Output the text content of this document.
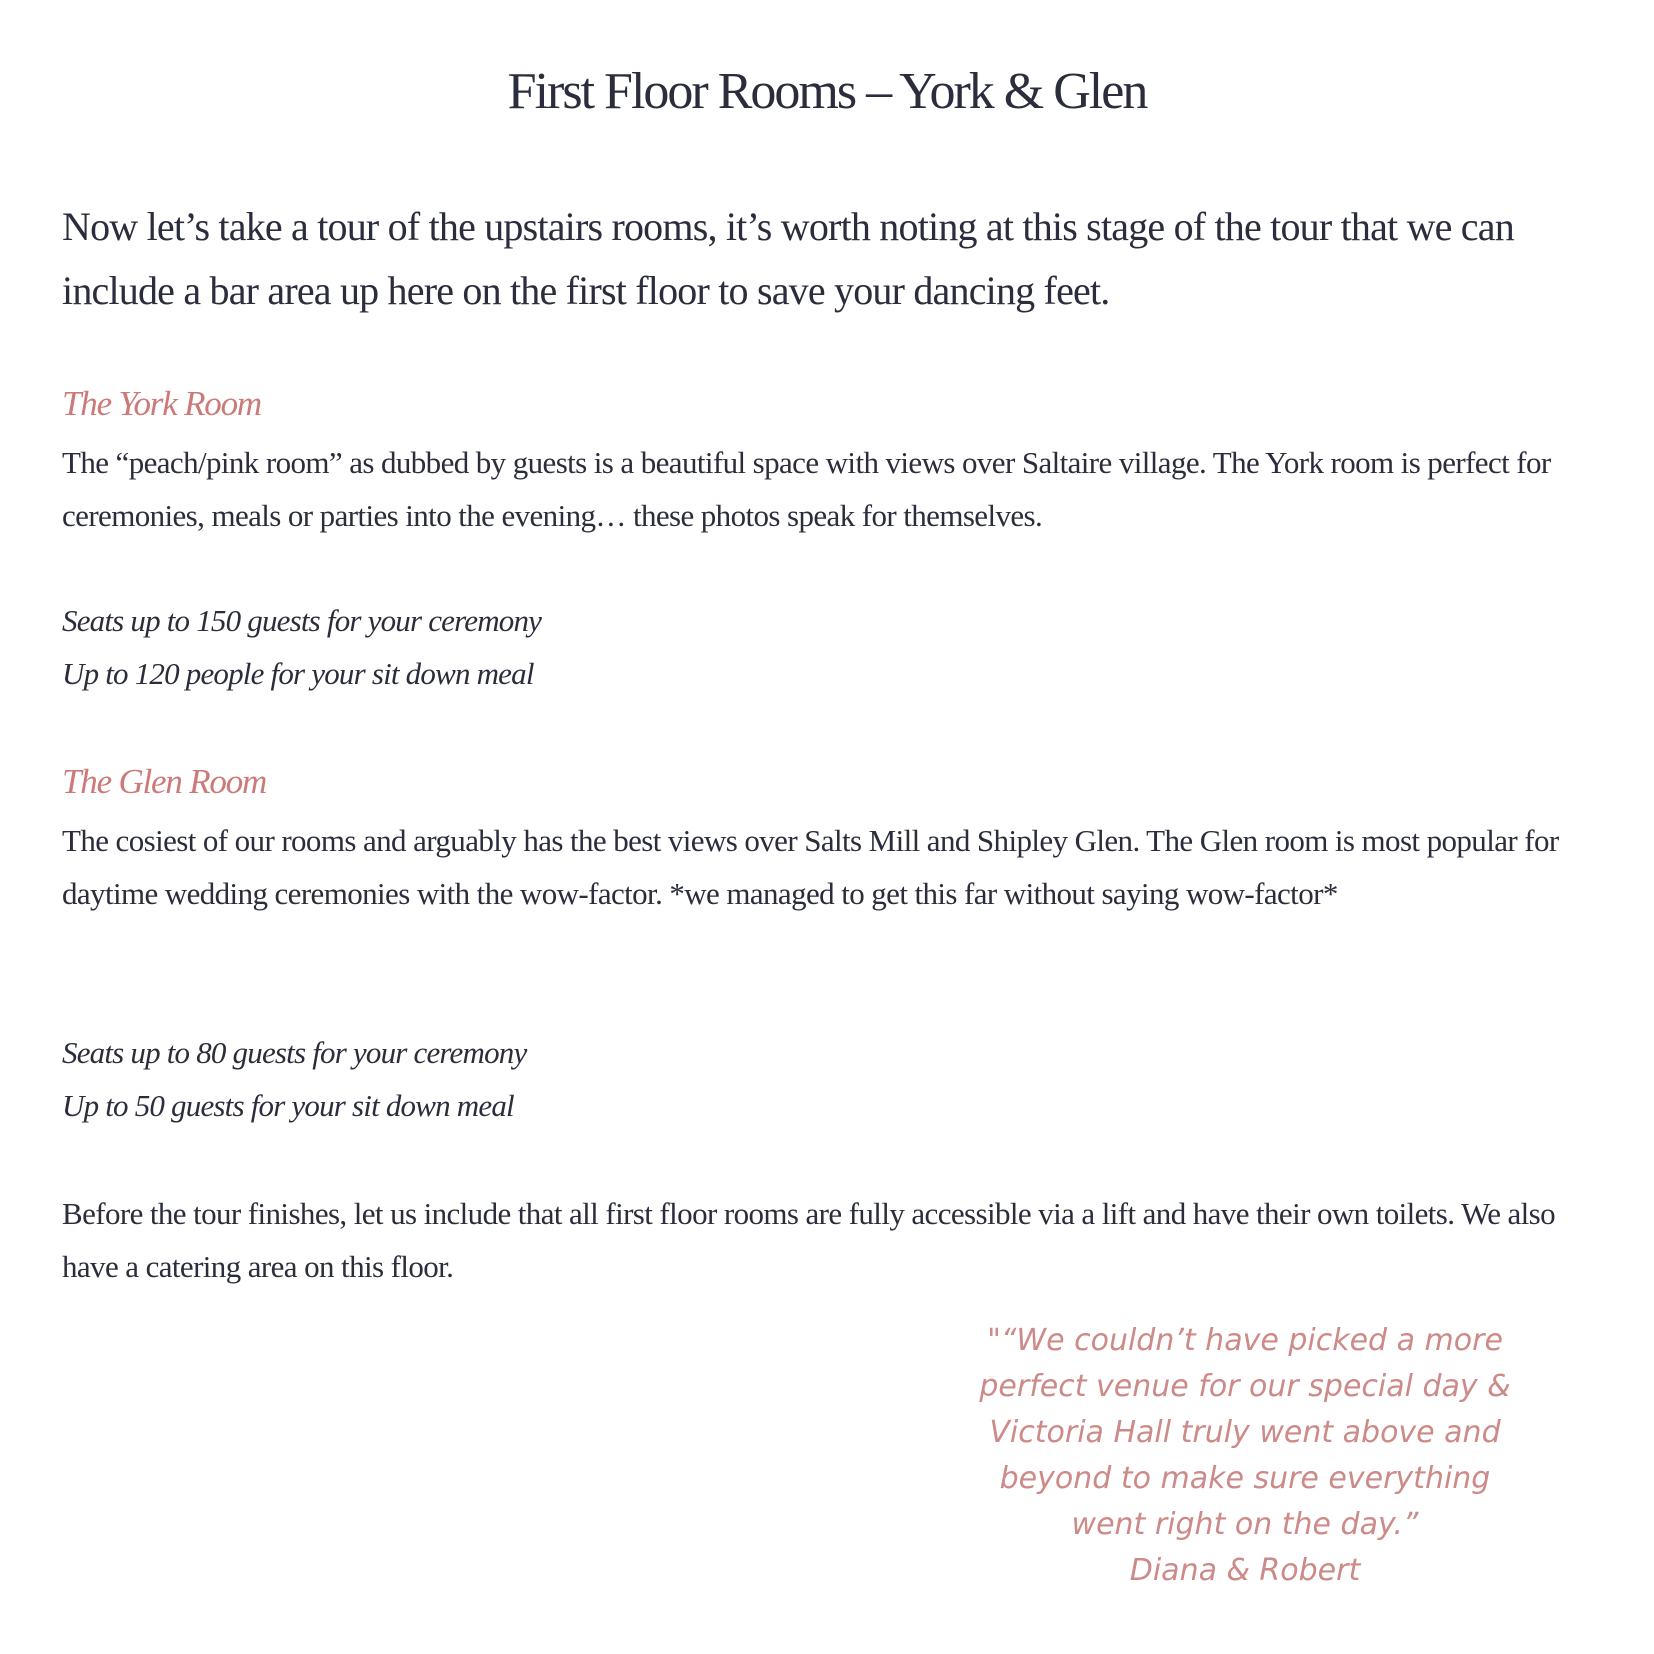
First Floor Rooms – York & Glen

Now let’s take a tour of the upstairs rooms, it’s worth noting at this stage of the tour that we can include a bar area up here on the first floor to save your dancing feet.

The York Room

The “peach/pink room” as dubbed by guests is a beautiful space with views over Saltaire village. The York room is perfect for ceremonies, meals or parties into the evening… these photos speak for themselves.

Seats up to 150 guests for your ceremony
Up to 120 people for your sit down meal
The Glen Room

The cosiest of our rooms and arguably has the best views over Salts Mill and Shipley Glen. The Glen room is most popular for daytime wedding ceremonies with the wow-factor. *we managed to get this far without saying wow-factor*

Seats up to 80 guests for your ceremony
Up to 50 guests for your sit down meal

Before the tour finishes, let us include that all first floor rooms are fully accessible via a lift and have their own toilets. We also have a catering area on this floor.

"“We couldn’t have picked a more perfect venue for our special day & Victoria Hall truly went above and beyond to make sure everything went right on the day.”
Diana & Robert
